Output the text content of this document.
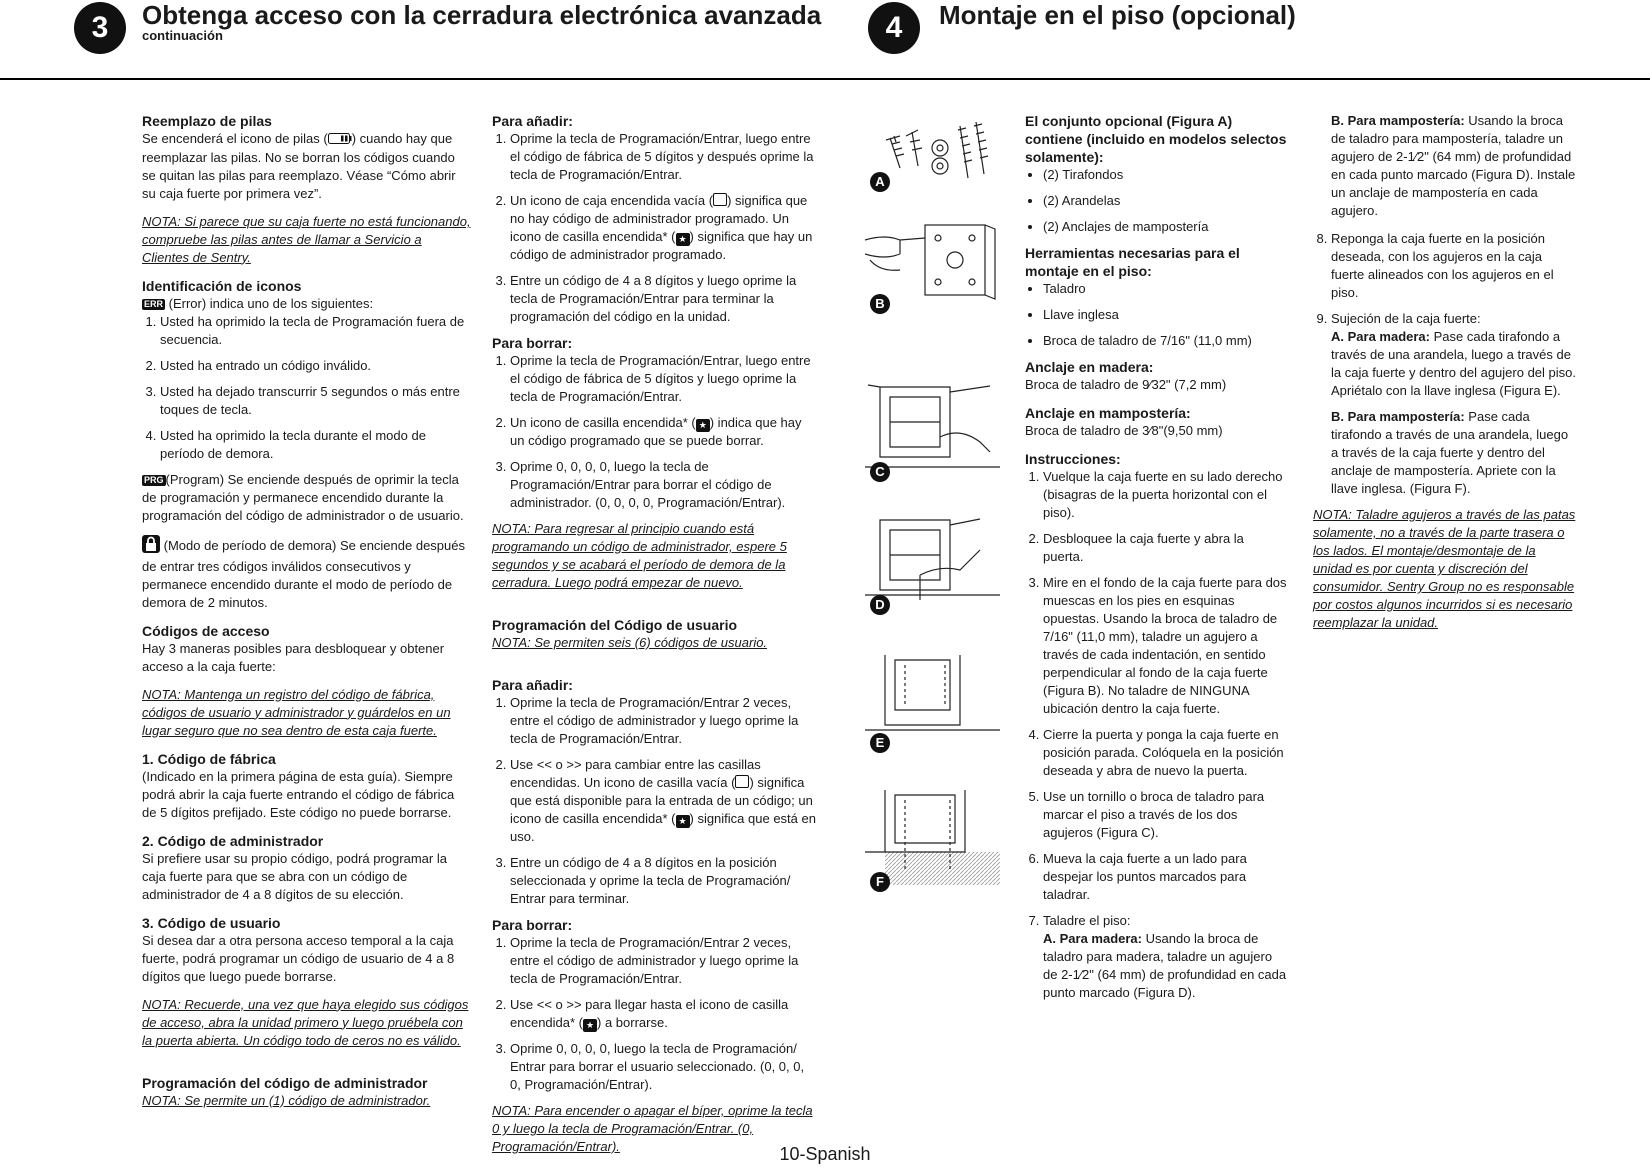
3	Obtenga acceso con la cerradura electrónica avanzada
continuación	4	Montaje en el piso (opcional)
Reemplazo de pilas

Se encenderá el icono de pilas ( ) cuando hay que reemplazar las pilas. No se borran los códigos cuando se quitan las pilas para reemplazo. Véase “Cómo abrir su caja fuerte por primera vez”.

NOTA: Si parece que su caja fuerte no está funcionando, compruebe las pilas antes de llamar a Servicio a Clientes de Sentry.

Identificación de iconos
ERR (Error) indica uno de los siguientes:
1. Usted ha oprimido la tecla de Programación fuera de secuencia.
2. Usted ha entrado un código inválido.
3. Usted ha dejado transcurrir 5 segundos o más entre toques de tecla.
4. Usted ha oprimido la tecla durante el modo de período de demora.

PRG (Program) Se enciende después de oprimir la tecla de programación y permanece encendido durante la programación del código de administrador o de usuario.

(Modo de período de demora) Se enciende después de entrar tres códigos inválidos consecutivos y permanece encendido durante el modo de período de demora de 2 minutos.

Códigos de acceso

Hay 3 maneras posibles para desbloquear y obtener acceso a la caja fuerte:

NOTA: Mantenga un registro del código de fábrica, códigos de usuario y administrador y guárdelos en un lugar seguro que no sea dentro de esta caja fuerte.

1. Código de fábrica

(Indicado en la primera página de esta guía). Siempre podrá abrir la caja fuerte entrando el código de fábrica de 5 dígitos prefijado. Este código no puede borrarse.

2. Código de administrador

Si prefiere usar su propio código, podrá programar la caja fuerte para que se abra con un código de administrador de 4 a 8 dígitos de su elección.

3. Código de usuario

Si desea dar a otra persona acceso temporal a la caja fuerte, podrá programar un código de usuario de 4 a 8 dígitos que luego puede borrarse.

NOTA: Recuerde, una vez que haya elegido sus códigos de acceso, abra la unidad primero y luego pruébela con la puerta abierta. Un código todo de ceros no es válido.

Programación del código de administrador

NOTA: Se permite un (1) código de administrador.

Para añadir:
1. Oprime la tecla de Programación/Entrar, luego entre el código de fábrica de 5 dígitos y después oprime la tecla de Programación/Entrar.
2. Un icono de caja encendida vacía ( ) significa que no hay código de administrador programado. Un icono de casilla encendida* ( ★ ) significa que hay un código de administrador programado.
3. Entre un código de 4 a 8 dígitos y luego oprime la tecla de Programación/Entrar para terminar la programación del código en la unidad.
Para borrar:
1. Oprime la tecla de Programación/Entrar, luego entre el código de fábrica de 5 dígitos y luego oprime la tecla de Programación/Entrar.
2. Un icono de casilla encendida* ( ★ ) indica que hay un código programado que se puede borrar.
3. Oprime 0, 0, 0, 0, luego la tecla de Programación/Entrar para borrar el código de administrador. (0, 0, 0, 0, Programación/Entrar).

NOTA: Para regresar al principio cuando está programando un código de administrador, espere 5 segundos y se acabará el período de demora de la cerradura. Luego podrá empezar de nuevo.

Programación del Código de usuario

NOTA: Se permiten seis (6) códigos de usuario.

Para añadir:
1. Oprime la tecla de Programación/Entrar 2 veces, entre el código de administrador y luego oprime la tecla de Programación/Entrar.
2. Use << o >> para cambiar entre las casillas encendidas. Un icono de casilla vacía ( ) significa que está disponible para la entrada de un código; un icono de casilla encendida* ( ★ ) significa que está en uso.
3. Entre un código de 4 a 8 dígitos en la posición seleccionada y oprime la tecla de Programación/ Entrar para terminar.
Para borrar:
1. Oprime la tecla de Programación/Entrar 2 veces, entre el código de administrador y luego oprime la tecla de Programación/Entrar.
2. Use << o >> para llegar hasta el icono de casilla encendida* ( ★ ) a borrarse.
3. Oprime 0, 0, 0, 0, luego la tecla de Programación/ Entrar para borrar el usuario seleccionado. (0, 0, 0, 0, Programación/Entrar).

NOTA: Para encender o apagar el bíper, oprime la tecla 0 y luego la tecla de Programación/Entrar. (0, Programación/Entrar).

A
B
C
D
E
F
El conjunto opcional (Figura A) contiene (incluido en modelos selectos solamente):
• (2) Tirafondos
• (2) Arandelas
• (2) Anclajes de mampostería
Herramientas necesarias para el montaje en el piso:
• Taladro
• Llave inglesa
• Broca de taladro de 7/16" (11,0 mm)
Anclaje en madera:

Broca de taladro de 9⁄32" (7,2 mm)

Anclaje en mampostería:

Broca de taladro de 3⁄8"(9,50 mm)

Instrucciones:
1. Vuelque la caja fuerte en su lado derecho (bisagras de la puerta horizontal con el piso).
2. Desbloquee la caja fuerte y abra la puerta.
3. Mire en el fondo de la caja fuerte para dos muescas en los pies en esquinas opuestas. Usando la broca de taladro de 7/16" (11,0 mm), taladre un agujero a través de cada indentación, en sentido perpendicular al fondo de la caja fuerte (Figura B). No taladre de NINGUNA ubicación dentro la caja fuerte.
4. Cierre la puerta y ponga la caja fuerte en posición parada. Colóquela en la posición deseada y abra de nuevo la puerta.
5. Use un tornillo o broca de taladro para marcar el piso a través de los dos agujeros (Figura C).
6. Mueva la caja fuerte a un lado para despejar los puntos marcados para taladrar.
7. Taladre el piso:
A. Para madera: Usando la broca de taladro para madera, taladre un agujero de 2-1⁄2" (64 mm) de profundidad en cada punto marcado (Figura D).

B. Para mampostería: Usando la broca de taladro para mampostería, taladre un agujero de 2-1⁄2" (64 mm) de profundidad en cada punto marcado (Figura D). Instale un anclaje de mampostería en cada agujero.

8. Reponga la caja fuerte en la posición deseada, con los agujeros en la caja fuerte alineados con los agujeros en el piso.
9. Sujeción de la caja fuerte:
A. Para madera: Pase cada tirafondo a través de una arandela, luego a través de la caja fuerte y dentro del agujero del piso. Apriétalo con la llave inglesa (Figura E).
B. Para mampostería: Pase cada tirafondo a través de una arandela, luego a través de la caja fuerte y dentro del anclaje de mampostería. Apriete con la llave inglesa. (Figura F).

NOTA: Taladre agujeros a través de las patas solamente, no a través de la parte trasera o los lados. El montaje/desmontaje de la unidad es por cuenta y discreción del consumidor. Sentry Group no es responsable por costos algunos incurridos si es necesario reemplazar la unidad.

10-Spanish
